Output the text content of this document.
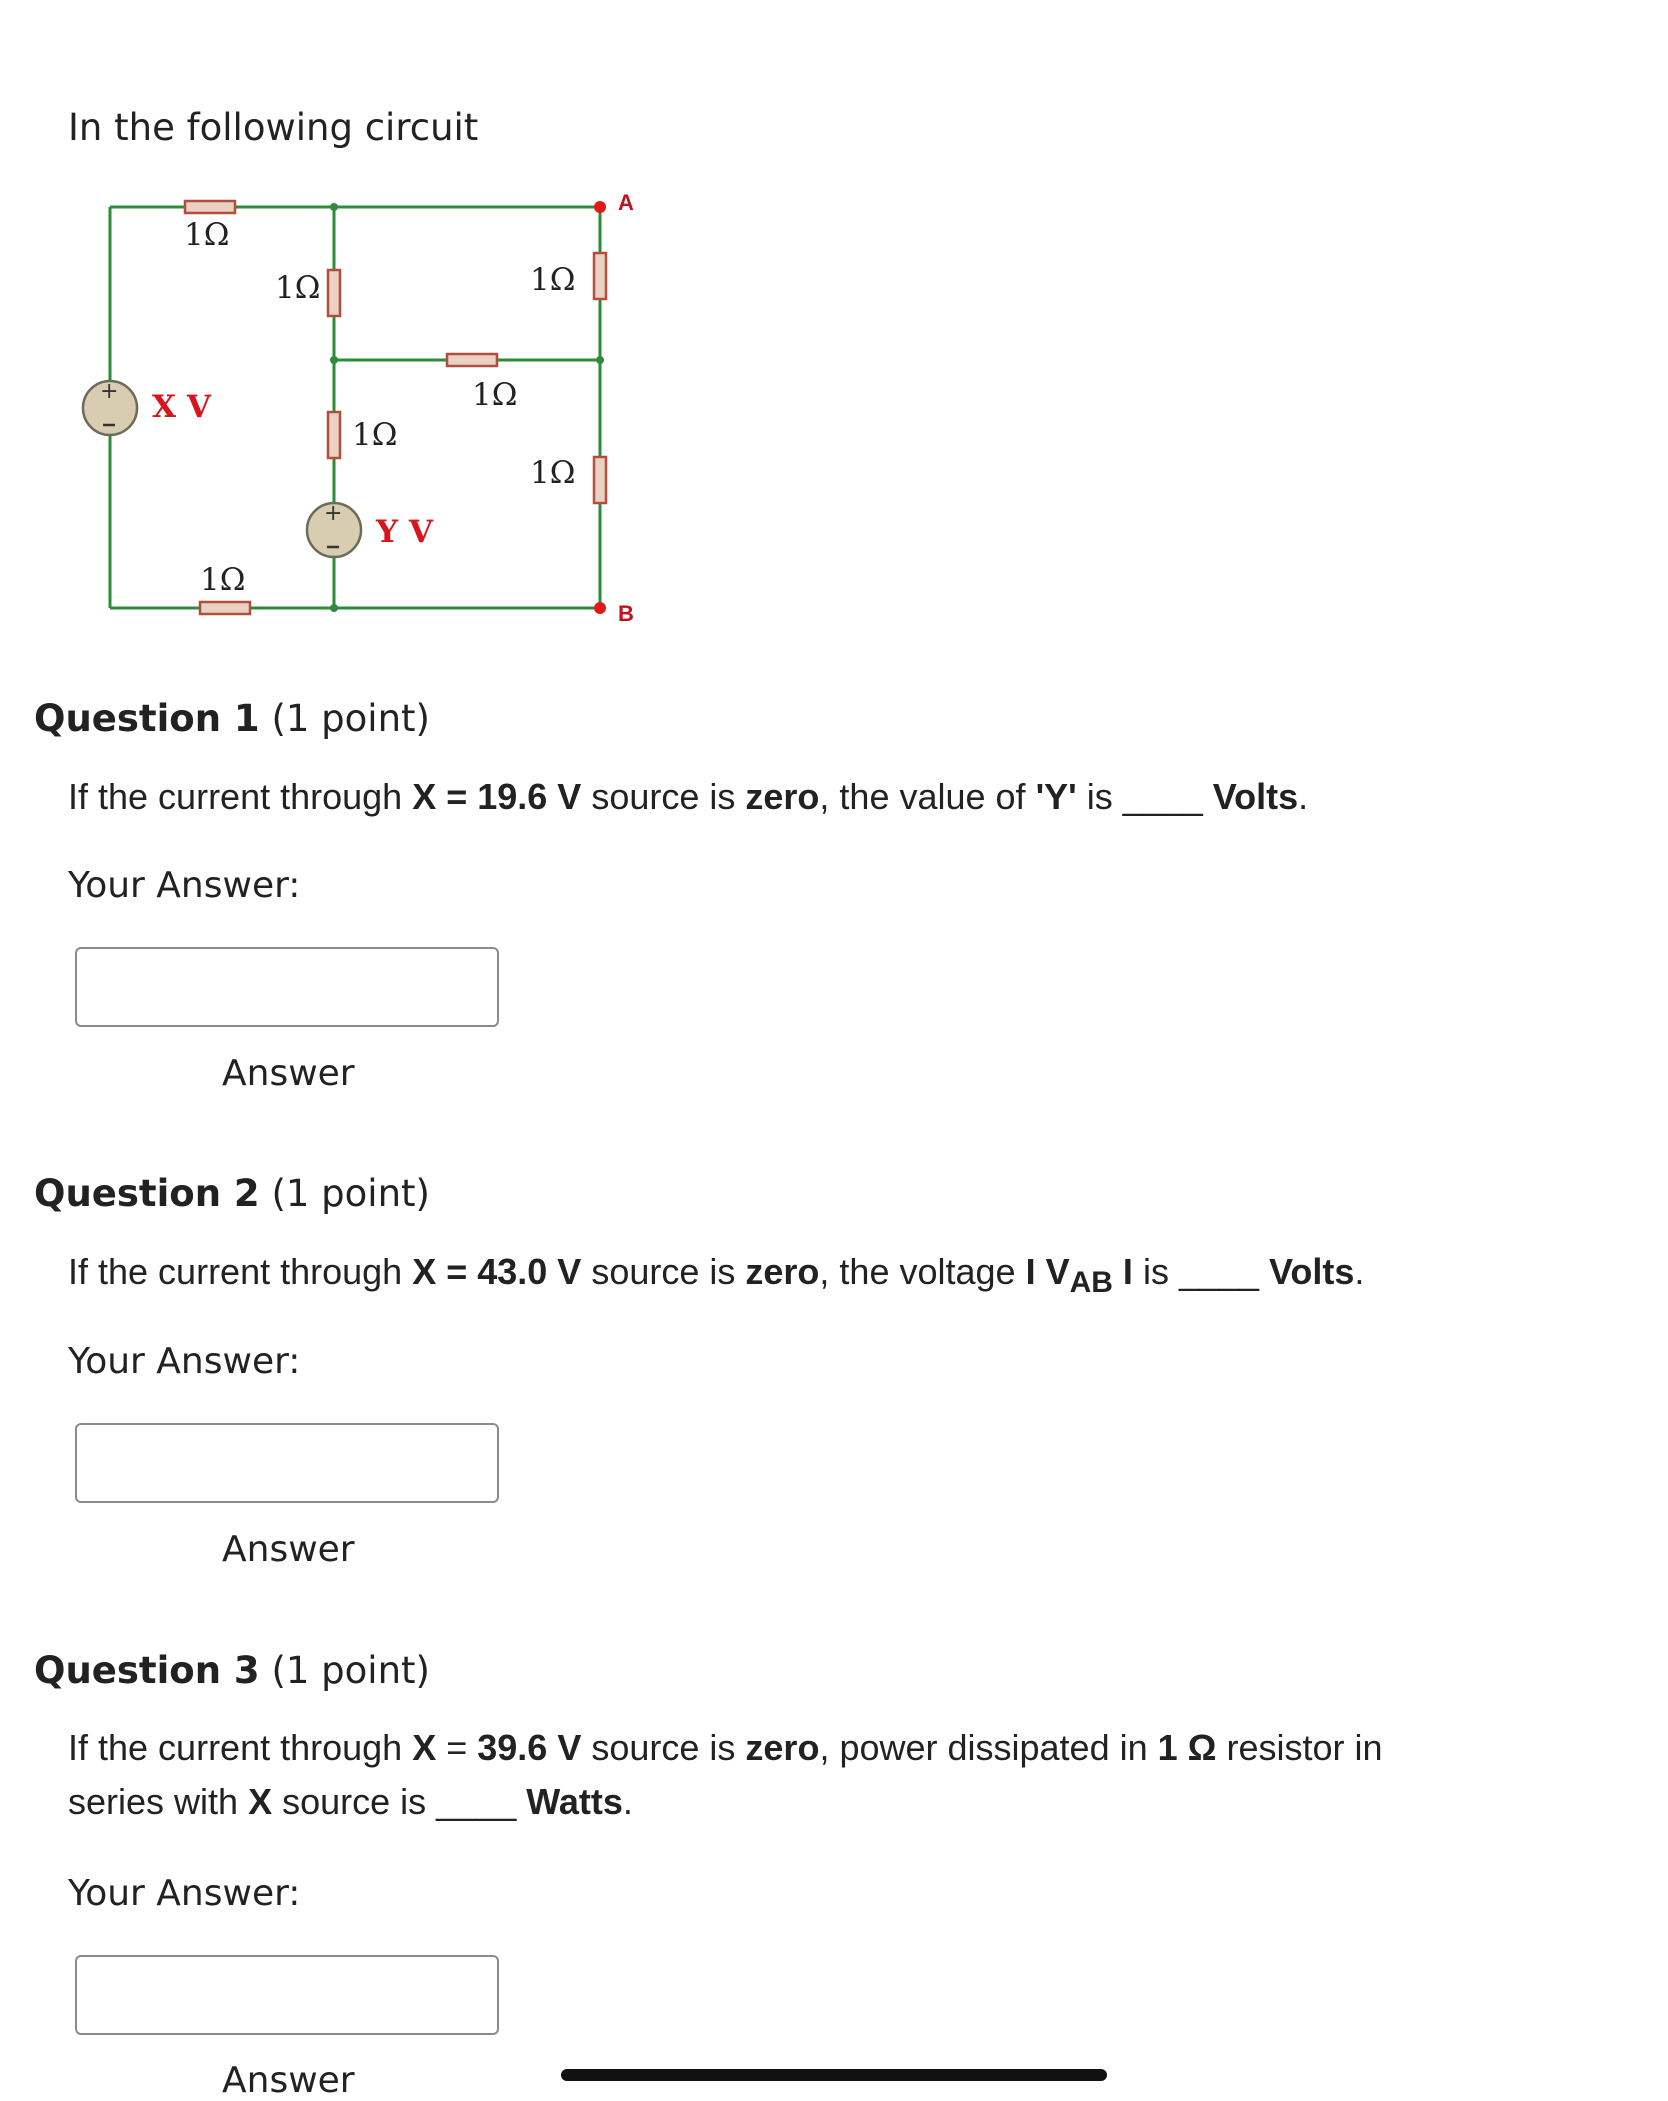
In the following circuit
1Ω
1Ω	1Ω
1Ω
1Ω
1Ω
1Ω
+ X V
+
Y V
A
B
Question 1 (1 point)
If the current through X = 19.6 V source is zero, the value of 'Y' is ____ Volts.
Your Answer:
Answer
Question 2 (1 point)
If the current through X = 43.0 V source is zero, the voltage I $V_{AB}$ I is ____ Volts.
Your Answer:
Answer
Question 3 (1 point)
If the current through X = 39.6 V source is zero, power dissipated in 1 Ω resistor in
series with X source is ____ Watts.
Your Answer:
Answer
